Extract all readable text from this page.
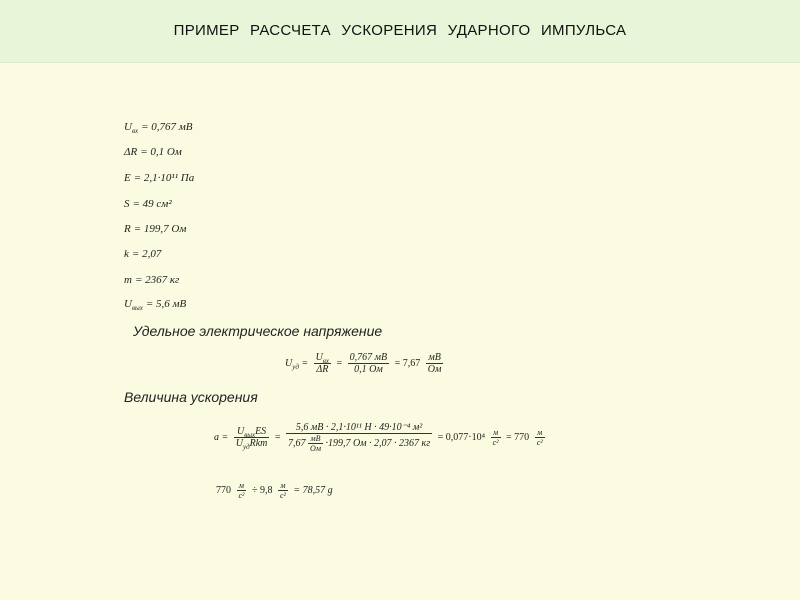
ПРИМЕР РАССЧЕТА УСКОРЕНИЯ УДАРНОГО ИМПУЛЬСА
$U_{вх} = 0,767$ мВ
ΔR = 0,1 Ом
E = 2,1·10¹¹ Па
S = 49 см²
R = 199,7 Ом
k = 2,07
m = 2367 кг
$U_{вых} = 5,6$ мВ
Удельное электрическое напряжение
$U_{уд} = \frac{U_{вх}}{\Delta R} = \frac{0,767 мВ}{0,1 Ом} = 7,67 \frac{мВ}{Ом}$
Величина ускорения
$a = \frac{U_{вых}ES}{U_{уд}Rkm}$ =
5,6 мВ · 2,1·10¹¹ Н · 49·10⁻⁴ м²
$7,67 \frac{мВ}{Ом} \cdot 199,7$ Ом · 2,07 · 2367 кг
= $0,077\cdot 10^4 \frac{м}{\text{с²}} = 770 \frac{м}{\text{с²}}$
$770 \frac{м}{\text{с²}} \div 9,8 \frac{м}{\text{с²}} = 78,57$ g
